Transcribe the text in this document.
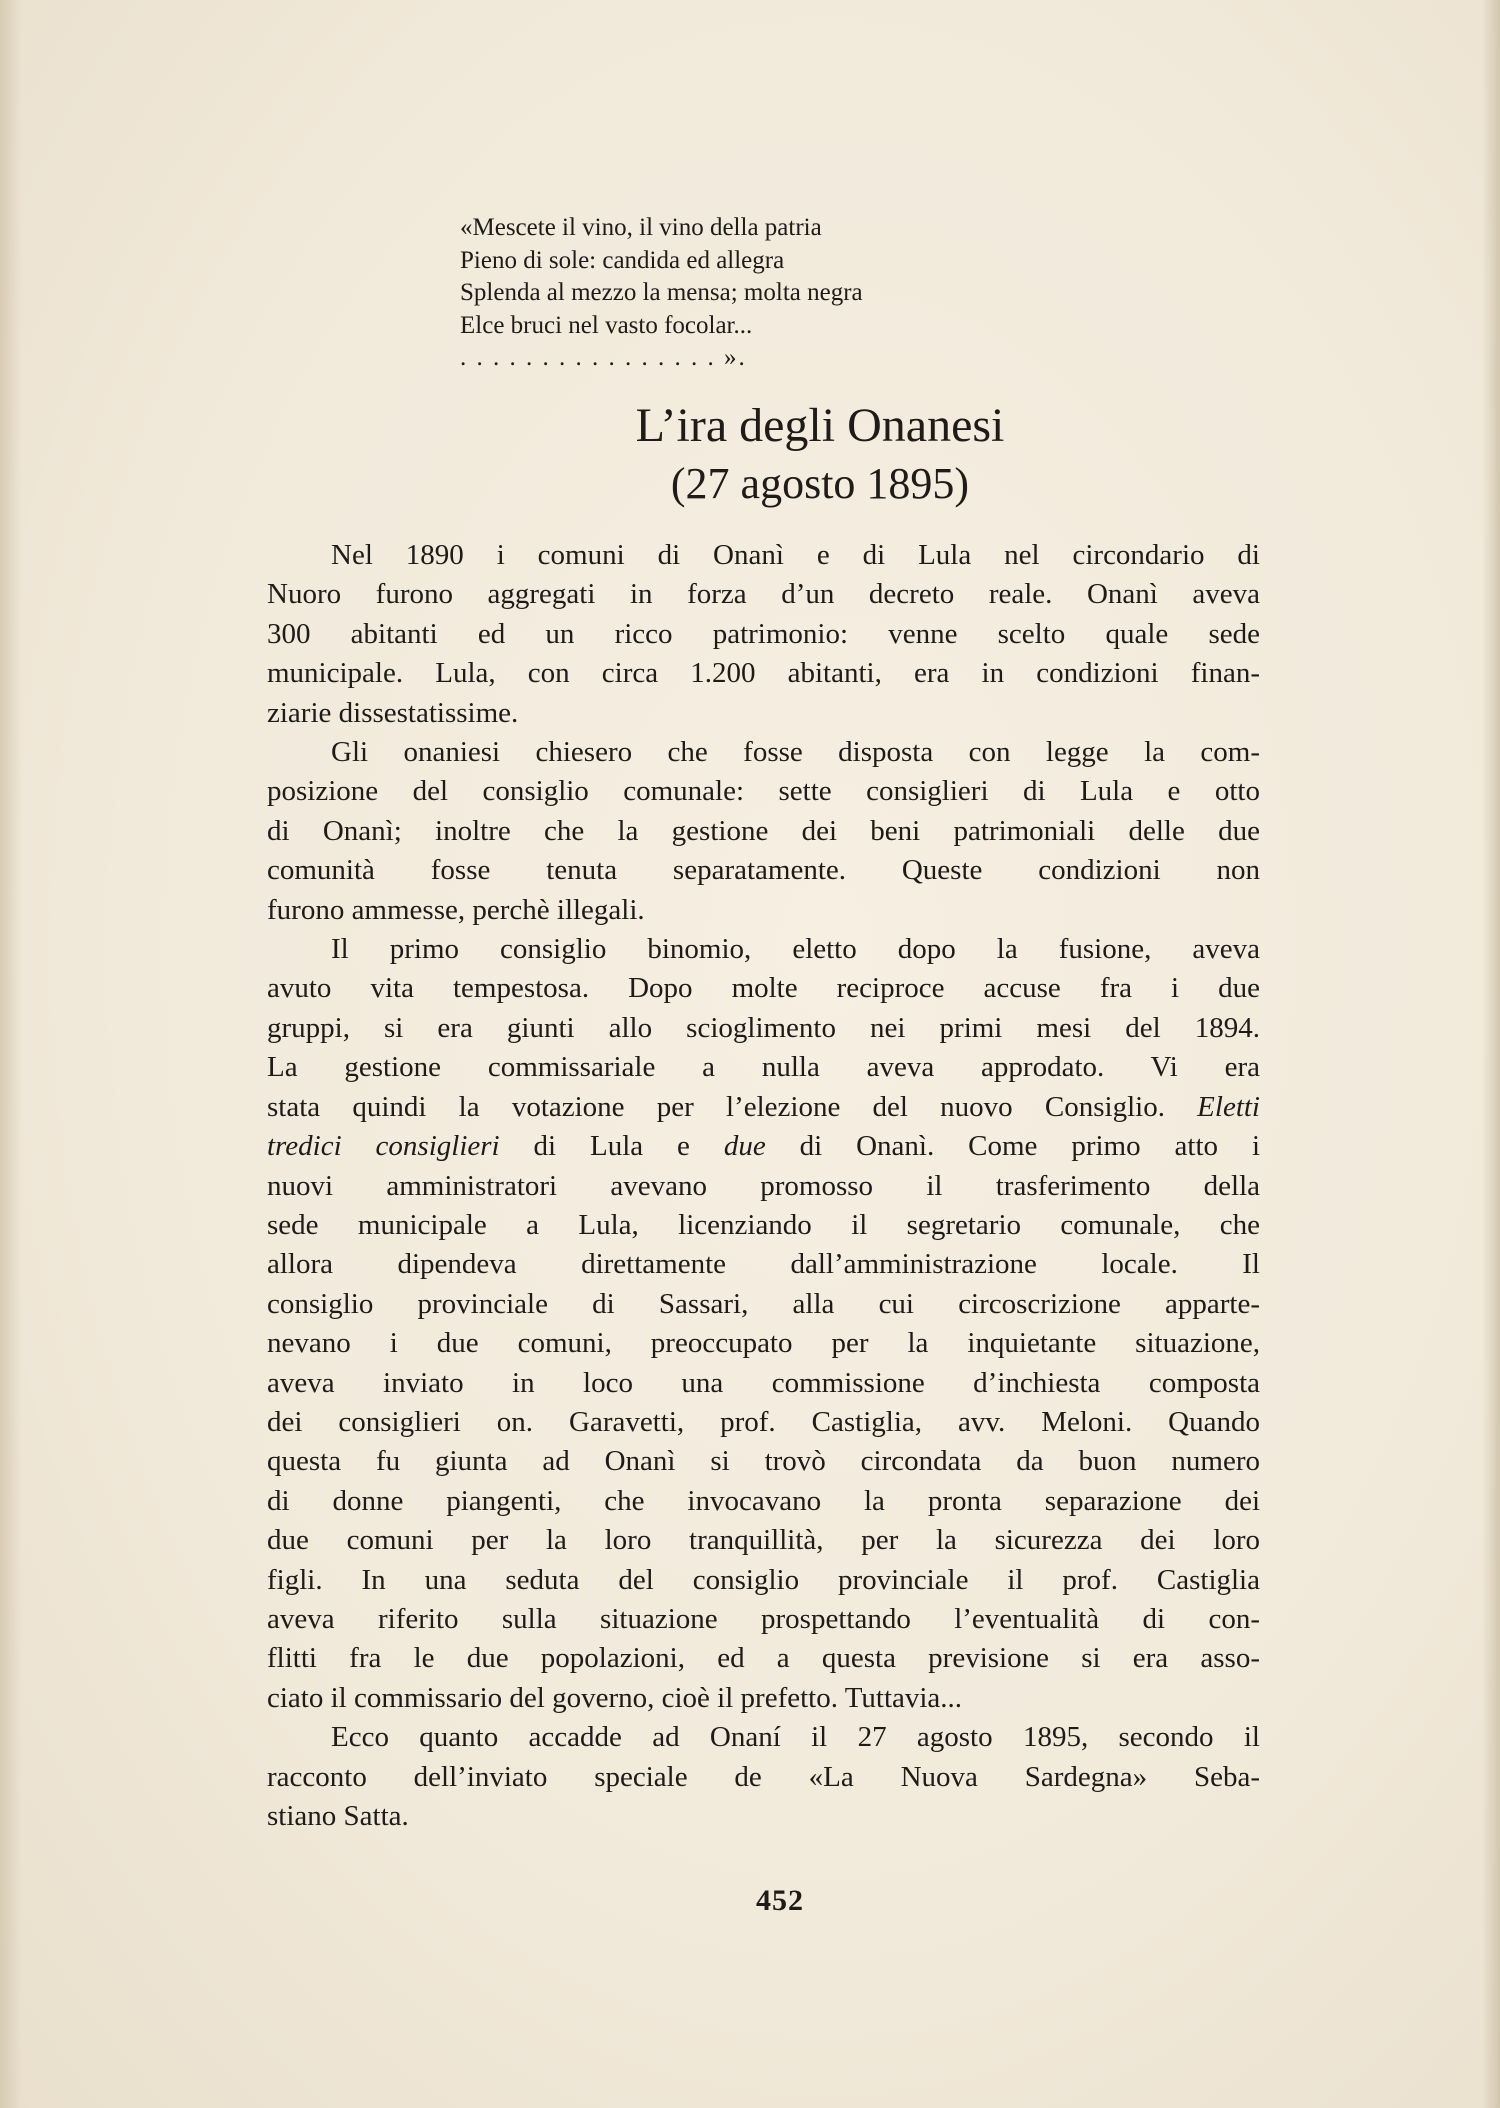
«Mescete il vino, il vino della patria
Pieno di sole: candida ed allegra
Splenda al mezzo la mensa; molta negra
Elce bruci nel vasto focolar...
. . . . . . . . . . . . . . . . ».
L’ira degli Onanesi
(27 agosto 1895)

Nel 1890 i comuni di Onanì e di Lula nel circondario di
Nuoro furono aggregati in forza d’un decreto reale. Onanì aveva
300 abitanti ed un ricco patrimonio: venne scelto quale sede
municipale. Lula, con circa 1.200 abitanti, era in condizioni finan-
ziarie dissestatissime.

Gli onaniesi chiesero che fosse disposta con legge la com-
posizione del consiglio comunale: sette consiglieri di Lula e otto
di Onanì; inoltre che la gestione dei beni patrimoniali delle due
comunità fosse tenuta separatamente. Queste condizioni non
furono ammesse, perchè illegali.

Il primo consiglio binomio, eletto dopo la fusione, aveva
avuto vita tempestosa. Dopo molte reciproce accuse fra i due
gruppi, si era giunti allo scioglimento nei primi mesi del 1894.
La gestione commissariale a nulla aveva approdato. Vi era
stata quindi la votazione per l’elezione del nuovo Consiglio. Eletti
tredici consiglieri di Lula e due di Onanì. Come primo atto i
nuovi amministratori avevano promosso il trasferimento della
sede municipale a Lula, licenziando il segretario comunale, che
allora dipendeva direttamente dall’amministrazione locale. Il
consiglio provinciale di Sassari, alla cui circoscrizione apparte-
nevano i due comuni, preoccupato per la inquietante situazione,
aveva inviato in loco una commissione d’inchiesta composta
dei consiglieri on. Garavetti, prof. Castiglia, avv. Meloni. Quando
questa fu giunta ad Onanì si trovò circondata da buon numero
di donne piangenti, che invocavano la pronta separazione dei
due comuni per la loro tranquillità, per la sicurezza dei loro
figli. In una seduta del consiglio provinciale il prof. Castiglia
aveva riferito sulla situazione prospettando l’eventualità di con-
flitti fra le due popolazioni, ed a questa previsione si era asso-
ciato il commissario del governo, cioè il prefetto. Tuttavia...

Ecco quanto accadde ad Onaní il 27 agosto 1895, secondo il
racconto dell’inviato speciale de «La Nuova Sardegna» Seba-
stiano Satta.

452
